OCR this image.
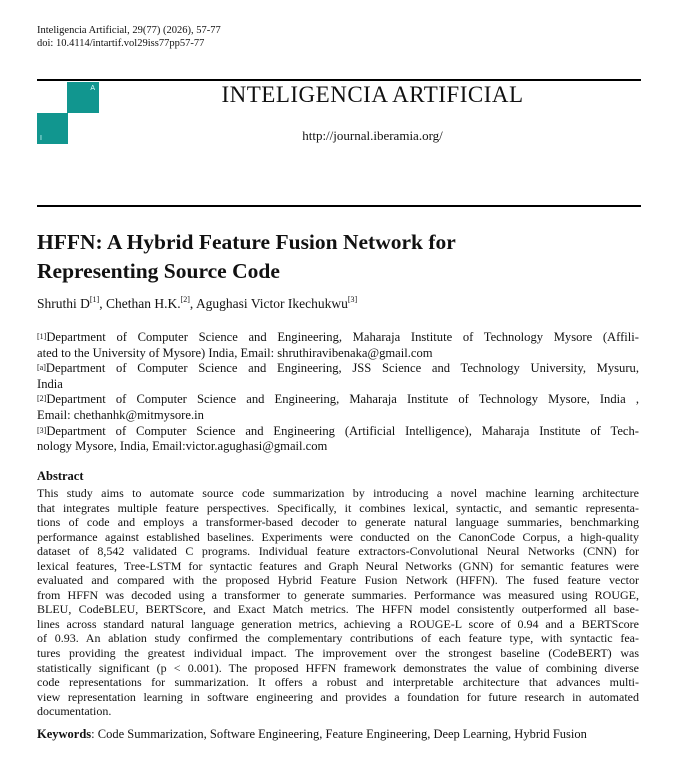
Inteligencia Artificial, 29(77) (2026), 57-77
doi: 10.4114/intartif.vol29iss77pp57-77
A
I
INTELIGENCIA ARTIFICIAL
http://journal.iberamia.org/
HFFN: A Hybrid Feature Fusion Network for
Representing Source Code
Shruthi D[1], Chethan H.K.[2], Agughasi Victor Ikechukwu[3]
[1]Department of Computer Science and Engineering, Maharaja Institute of Technology Mysore (Affili-
ated to the University of Mysore) India, Email: shruthiravibenaka@gmail.com
[a]Department of Computer Science and Engineering, JSS Science and Technology University, Mysuru,
India
[2]Department of Computer Science and Engineering, Maharaja Institute of Technology Mysore, India ,
Email: chethanhk@mitmysore.in
[3]Department of Computer Science and Engineering (Artificial Intelligence), Maharaja Institute of Tech-
nology Mysore, India, Email:victor.agughasi@gmail.com
Abstract
This study aims to automate source code summarization by introducing a novel machine learning architecture
that integrates multiple feature perspectives. Specifically, it combines lexical, syntactic, and semantic representa-
tions of code and employs a transformer-based decoder to generate natural language summaries, benchmarking
performance against established baselines. Experiments were conducted on the CanonCode Corpus, a high-quality
dataset of 8,542 validated C programs. Individual feature extractors-Convolutional Neural Networks (CNN) for
lexical features, Tree-LSTM for syntactic features and Graph Neural Networks (GNN) for semantic features were
evaluated and compared with the proposed Hybrid Feature Fusion Network (HFFN). The fused feature vector
from HFFN was decoded using a transformer to generate summaries. Performance was measured using ROUGE,
BLEU, CodeBLEU, BERTScore, and Exact Match metrics. The HFFN model consistently outperformed all base-
lines across standard natural language generation metrics, achieving a ROUGE-L score of 0.94 and a BERTScore
of 0.93. An ablation study confirmed the complementary contributions of each feature type, with syntactic fea-
tures providing the greatest individual impact. The improvement over the strongest baseline (CodeBERT) was
statistically significant (p < 0.001). The proposed HFFN framework demonstrates the value of combining diverse
code representations for summarization. It offers a robust and interpretable architecture that advances multi-
view representation learning in software engineering and provides a foundation for future research in automated
documentation.
Keywords: Code Summarization, Software Engineering, Feature Engineering, Deep Learning, Hybrid Fusion
